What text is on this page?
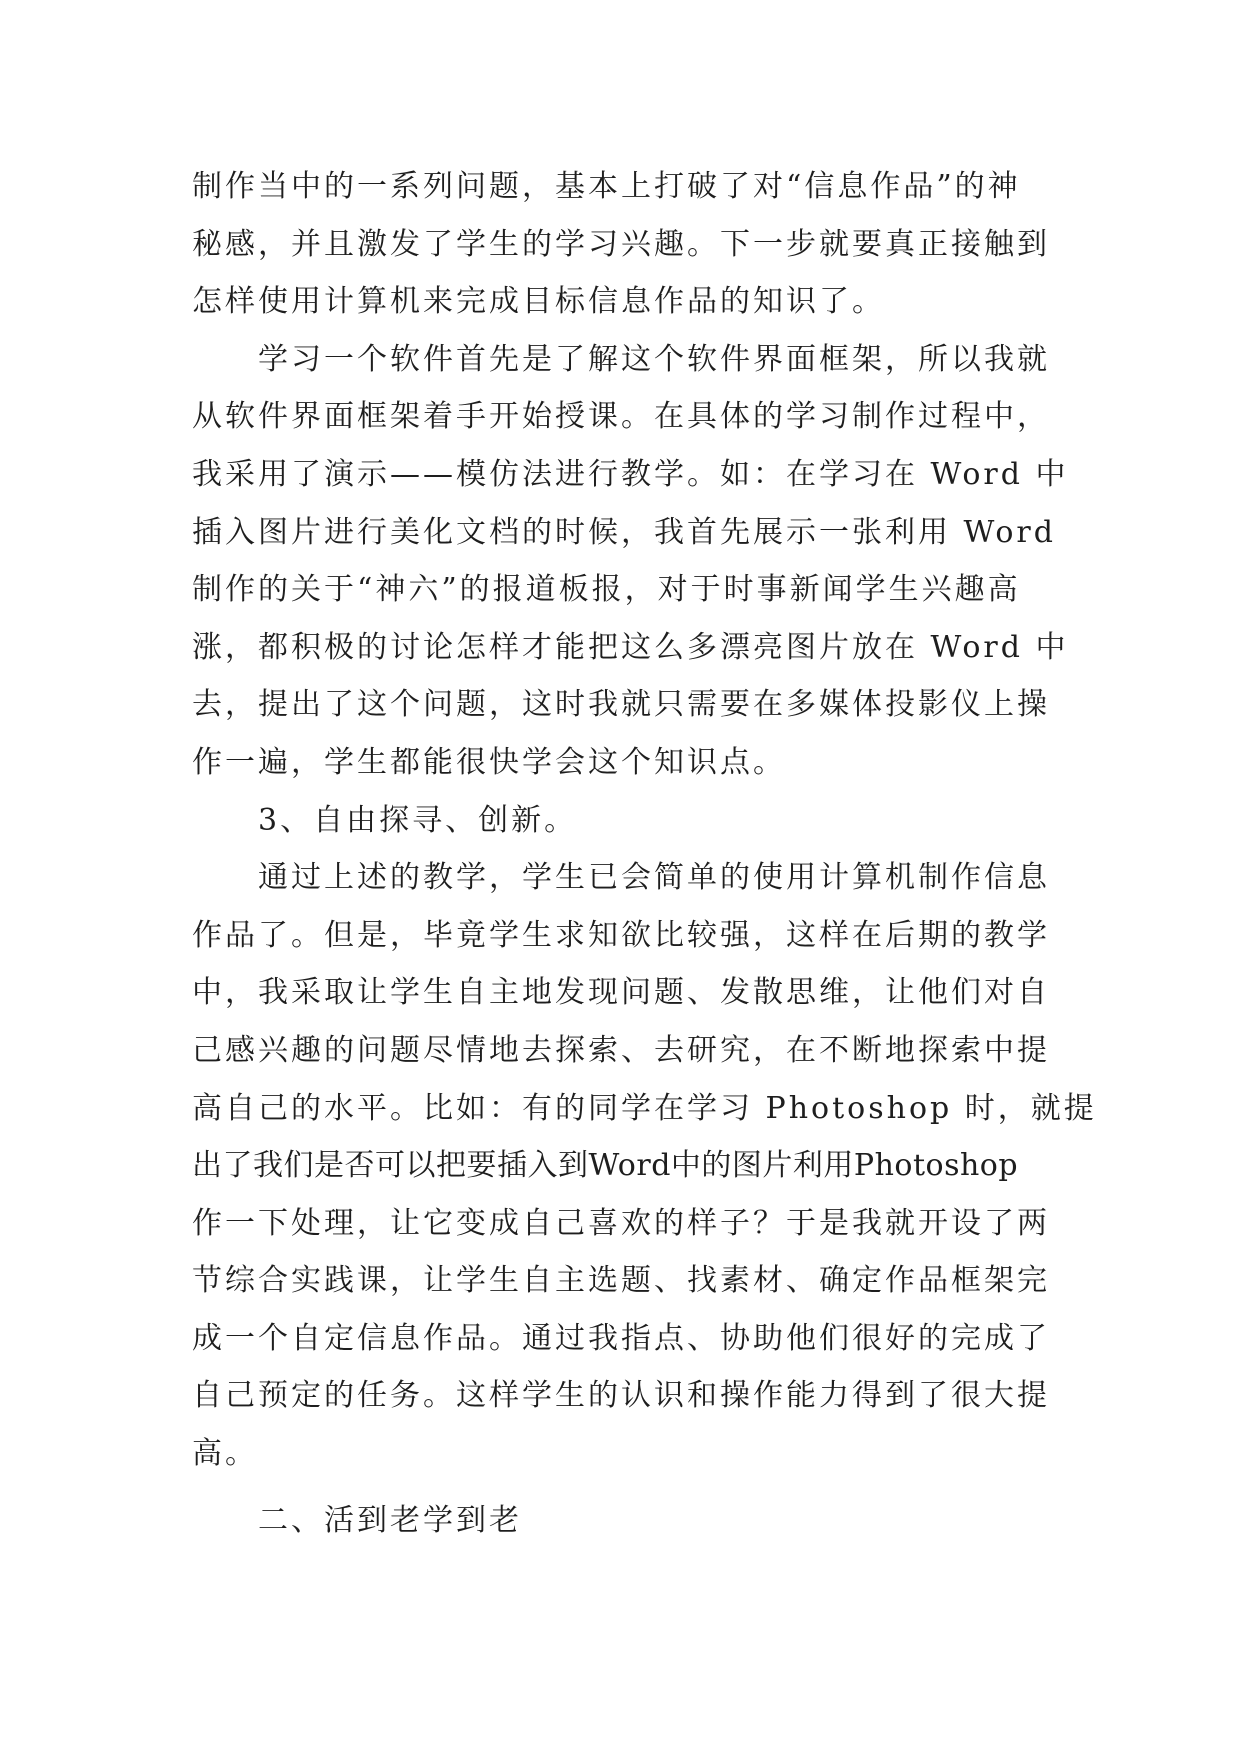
制作当中的一系列问题，基本上打破了对“信息作品”的神
秘感，并且激发了学生的学习兴趣。下一步就要真正接触到
怎样使用计算机来完成目标信息作品的知识了。
学习一个软件首先是了解这个软件界面框架，所以我就
从软件界面框架着手开始授课。在具体的学习制作过程中，
我采用了演示——模仿法进行教学。如：在学习在 Word 中
插入图片进行美化文档的时候，我首先展示一张利用 Word
制作的关于“神六”的报道板报，对于时事新闻学生兴趣高
涨，都积极的讨论怎样才能把这么多漂亮图片放在 Word 中
去，提出了这个问题，这时我就只需要在多媒体投影仪上操
作一遍，学生都能很快学会这个知识点。
3、自由探寻、创新。
通过上述的教学，学生已会简单的使用计算机制作信息
作品了。但是，毕竟学生求知欲比较强，这样在后期的教学
中，我采取让学生自主地发现问题、发散思维，让他们对自
己感兴趣的问题尽情地去探索、去研究，在不断地探索中提
高自己的水平。比如：有的同学在学习 Photoshop 时，就提
出了我们是否可以把要插入到Word中的图片利用Photoshop
作一下处理，让它变成自己喜欢的样子？于是我就开设了两
节综合实践课，让学生自主选题、找素材、确定作品框架完
成一个自定信息作品。通过我指点、协助他们很好的完成了
自己预定的任务。这样学生的认识和操作能力得到了很大提
高。
二、活到老学到老
